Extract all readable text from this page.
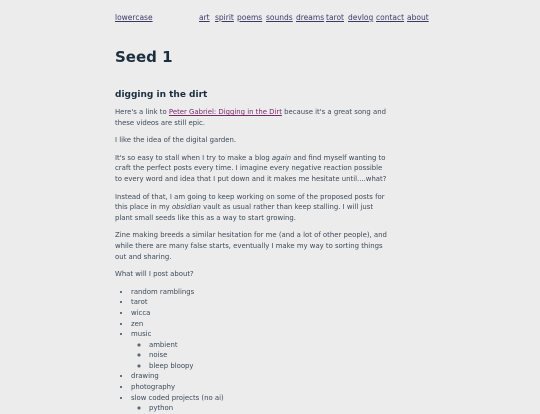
lowercase	art spirit poems sounds dreams tarot devlog contact about
Seed 1
digging in the dirt

Here's a link to Peter Gabriel: Digging in the Dirt because it's a great song and these videos are still epic.

I like the idea of the digital garden.

It's so easy to stall when I try to make a blog again and find myself wanting to craft the perfect posts every time. I imagine every negative reaction possible to every word and idea that I put down and it makes me hesitate until....what?

Instead of that, I am going to keep working on some of the proposed posts for this place in my obsidian vault as usual rather than keep stalling. I will just plant small seeds like this as a way to start growing.

Zine making breeds a similar hesitation for me (and a lot of other people), and while there are many false starts, eventually I make my way to sorting things out and sharing.

What will I post about?

• random ramblings
• tarot
• wicca
• zen
• music
◦ ambient
◦ noise
◦ bleep bloopy
• drawing
• photography
• slow coded projects (no ai)
◦ python
